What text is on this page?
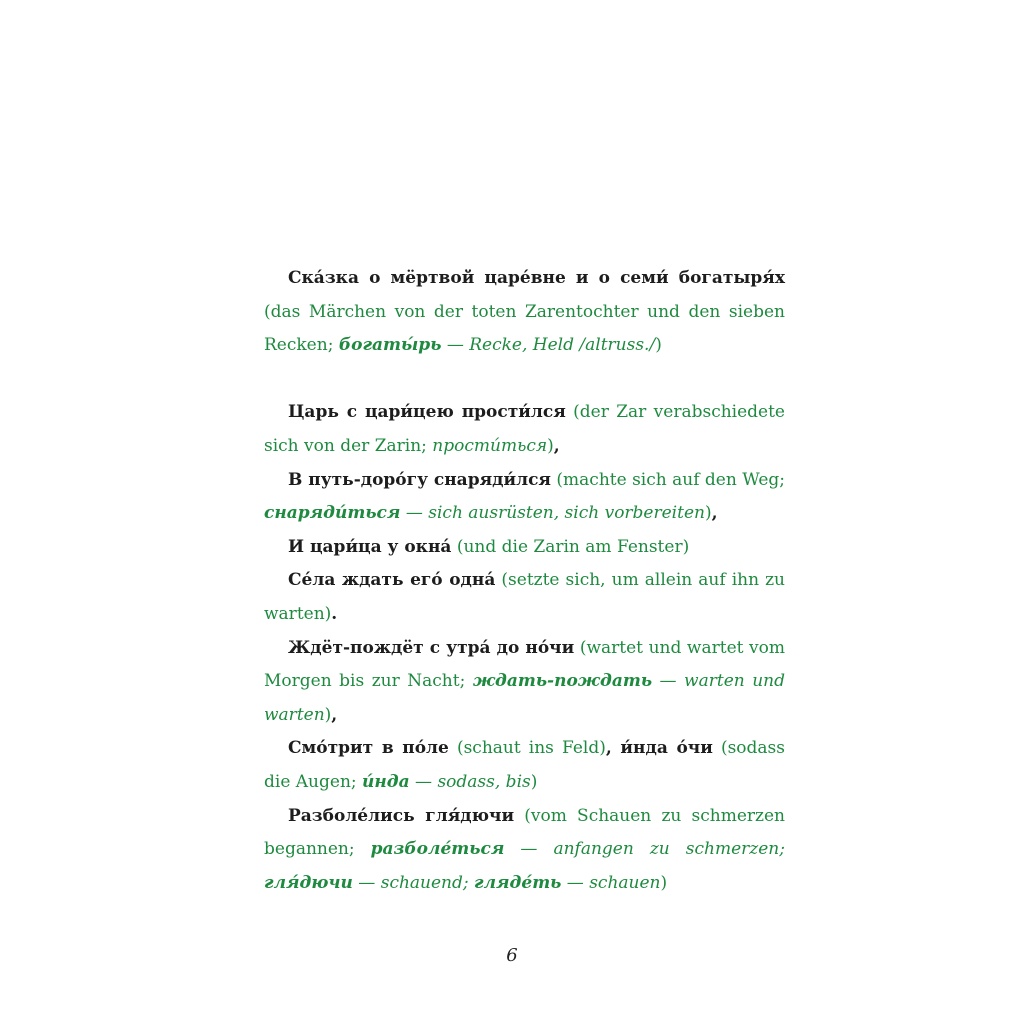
Ска́зка о мёртвой царе́вне и о семи́ богатыря́х (das Märchen von der toten Zarentochter und den sieben Recken; богаты́рь — Recke, Held /altruss./)

Царь с цари́цею прости́лся (der Zar verabschiedete sich von der Zarin; прости́ться),

В путь-доро́гу снаряди́лся (machte sich auf den Weg; снаряди́ться — sich ausrüsten, sich vorbereiten),

И цари́ца у окна́ (und die Zarin am Fenster)

Се́ла ждать его́ одна́ (setzte sich, um allein auf ihn zu warten).

Ждёт-пождёт с утра́ до но́чи (wartet und wartet vom Morgen bis zur Nacht; ждать-пождать — warten und warten),

Смо́трит в по́ле (schaut ins Feld), и́нда о́чи (sodass die Augen; и́нда — sodass, bis)

Разболе́лись гля́дючи (vom Schauen zu schmerzen begannen; разболе́ться — anfangen zu schmerzen; гля́дючи — schauend; гляде́ть — schauen)

6
